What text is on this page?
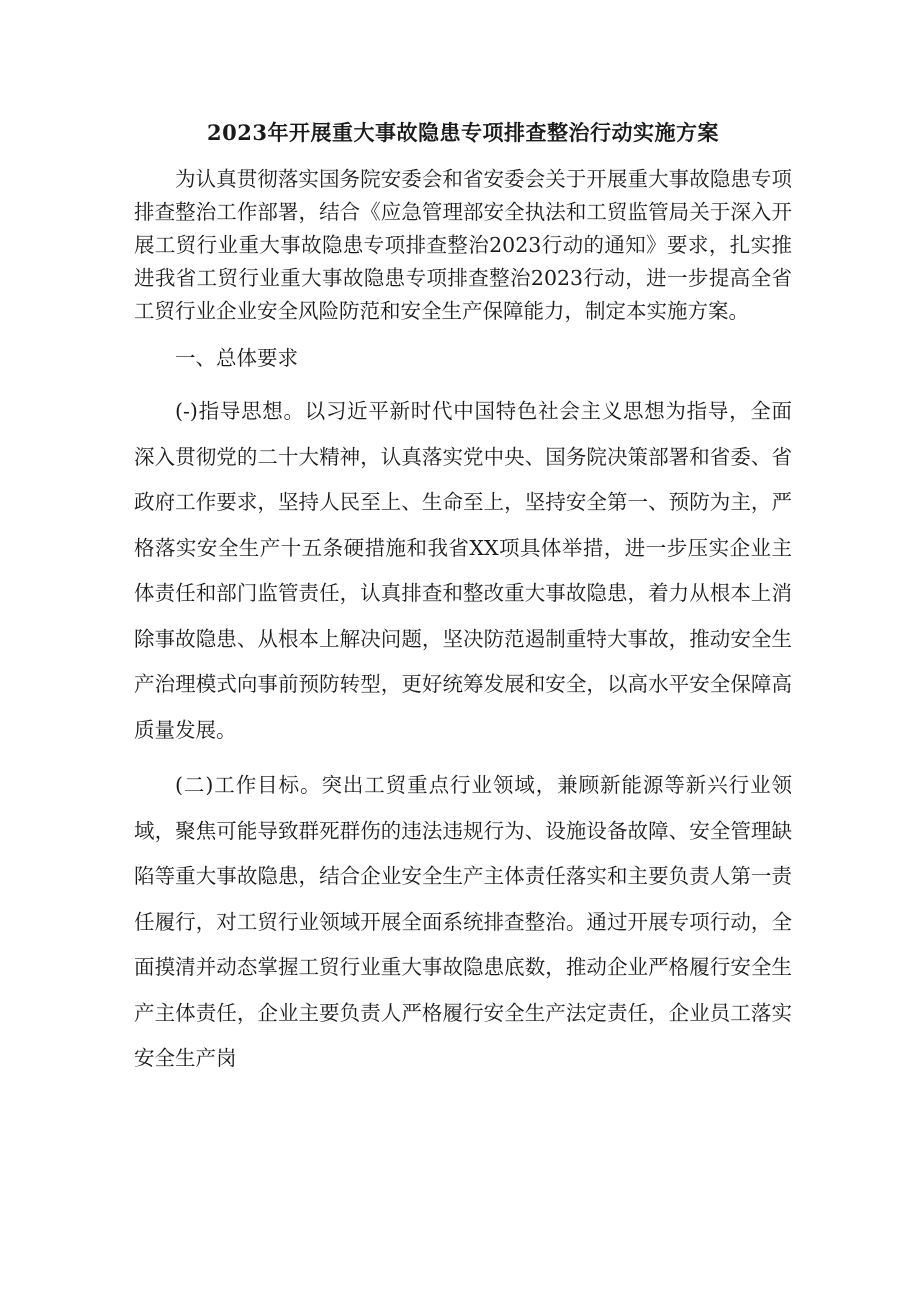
2023年开展重大事故隐患专项排查整治行动实施方案

为认真贯彻落实国务院安委会和省安委会关于开展重大事故隐患专项排查整治工作部署，结合《应急管理部安全执法和工贸监管局关于深入开展工贸行业重大事故隐患专项排查整治2023行动的通知》要求，扎实推进我省工贸行业重大事故隐患专项排查整治2023行动，进一步提高全省工贸行业企业安全风险防范和安全生产保障能力，制定本实施方案。

一、总体要求

(-)指导思想。以习近平新时代中国特色社会主义思想为指导，全面深入贯彻党的二十大精神，认真落实党中央、国务院决策部署和省委、省政府工作要求，坚持人民至上、生命至上，坚持安全第一、预防为主，严格落实安全生产十五条硬措施和我省XX项具体举措，进一步压实企业主体责任和部门监管责任，认真排查和整改重大事故隐患，着力从根本上消除事故隐患、从根本上解决问题，坚决防范遏制重特大事故，推动安全生产治理模式向事前预防转型，更好统筹发展和安全，以高水平安全保障高质量发展。

(二)工作目标。突出工贸重点行业领域，兼顾新能源等新兴行业领域，聚焦可能导致群死群伤的违法违规行为、设施设备故障、安全管理缺陷等重大事故隐患，结合企业安全生产主体责任落实和主要负责人第一责任履行，对工贸行业领域开展全面系统排查整治。通过开展专项行动，全面摸清并动态掌握工贸行业重大事故隐患底数，推动企业严格履行安全生产主体责任，企业主要负责人严格履行安全生产法定责任，企业员工落实安全生产岗
